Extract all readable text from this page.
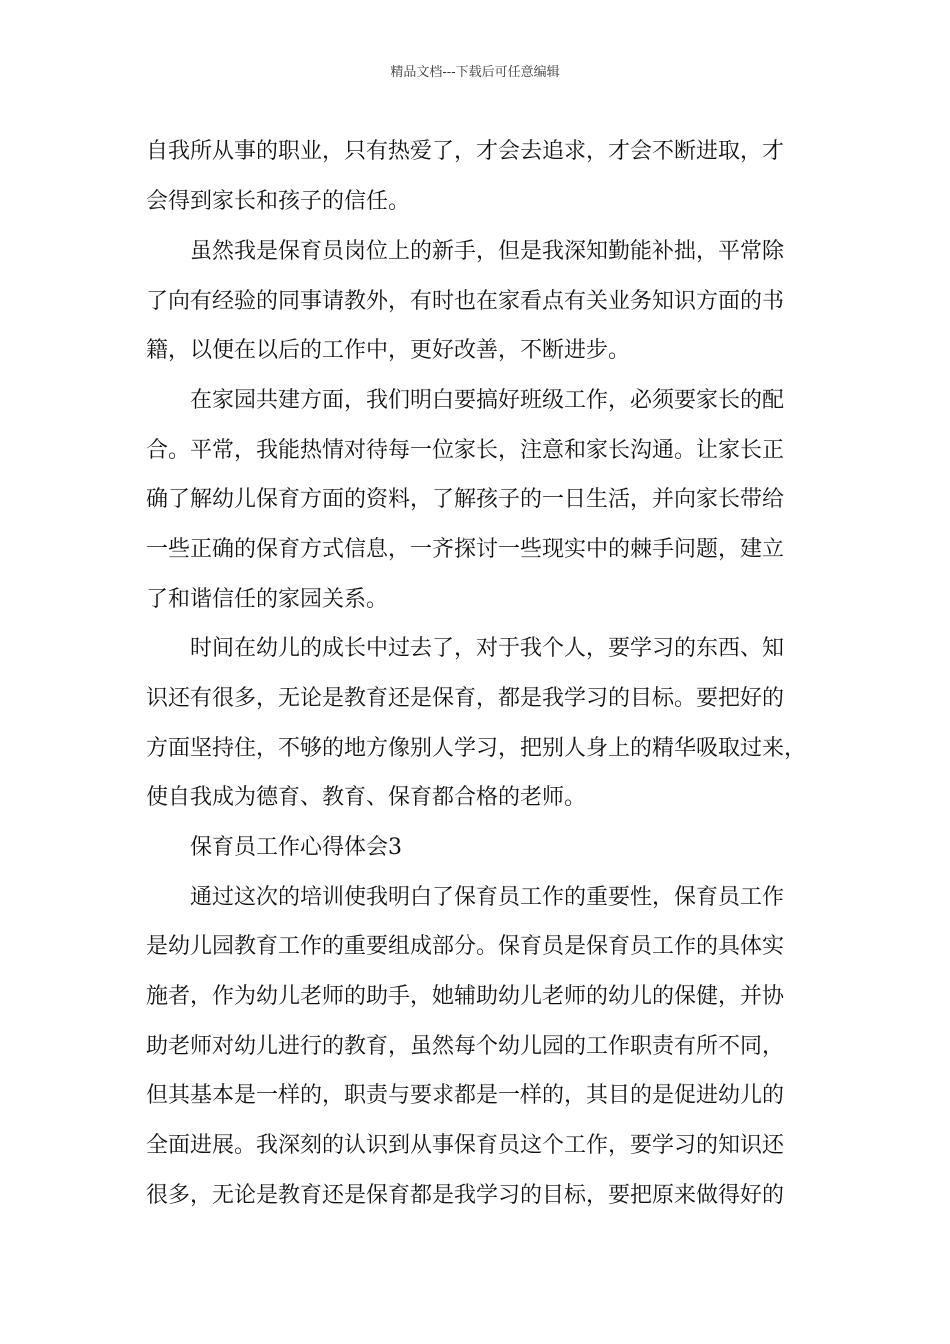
精品文档---下载后可任意编辑
自我所从事的职业，只有热爱了，才会去追求，才会不断进取，才
会得到家长和孩子的信任。
虽然我是保育员岗位上的新手，但是我深知勤能补拙，平常除
了向有经验的同事请教外，有时也在家看点有关业务知识方面的书
籍，以便在以后的工作中，更好改善，不断进步。
在家园共建方面，我们明白要搞好班级工作，必须要家长的配
合。平常，我能热情对待每一位家长，注意和家长沟通。让家长正
确了解幼儿保育方面的资料，了解孩子的一日生活，并向家长带给
一些正确的保育方式信息，一齐探讨一些现实中的棘手问题，建立
了和谐信任的家园关系。
时间在幼儿的成长中过去了，对于我个人，要学习的东西、知
识还有很多，无论是教育还是保育，都是我学习的目标。要把好的
方面坚持住，不够的地方像别人学习，把别人身上的精华吸取过来，
使自我成为德育、教育、保育都合格的老师。
保育员工作心得体会3
通过这次的培训使我明白了保育员工作的重要性，保育员工作
是幼儿园教育工作的重要组成部分。保育员是保育员工作的具体实
施者，作为幼儿老师的助手，她辅助幼儿老师的幼儿的保健，并协
助老师对幼儿进行的教育，虽然每个幼儿园的工作职责有所不同，
但其基本是一样的，职责与要求都是一样的，其目的是促进幼儿的
全面进展。我深刻的认识到从事保育员这个工作，要学习的知识还
很多，无论是教育还是保育都是我学习的目标，要把原来做得好的
